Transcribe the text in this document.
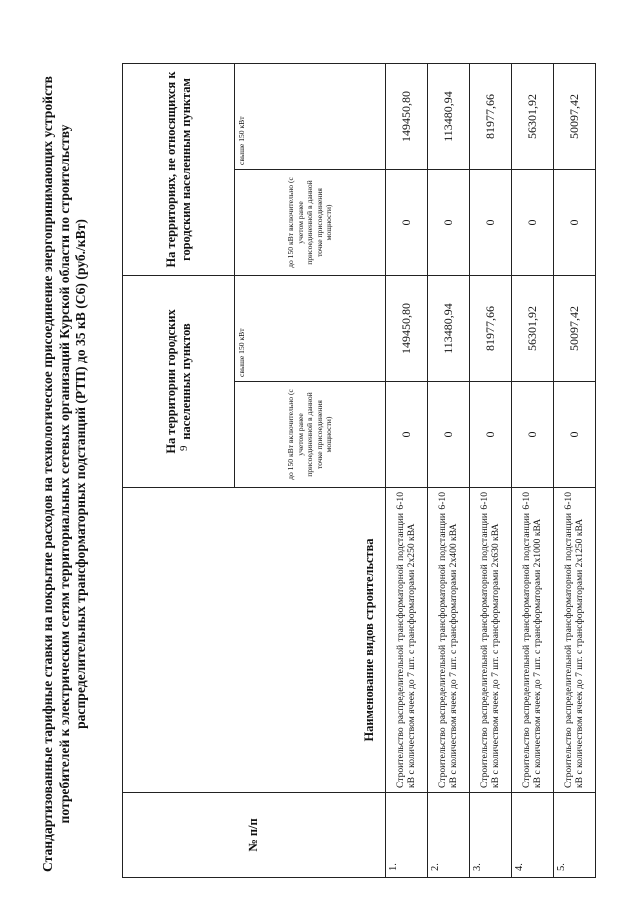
9
Стандартизованные тарифные ставки на покрытие расходов на технологическое присоединение энергопринимающих устройств потребителей к электрическим сетям территориальных сетевых организаций Курской области по строительству распределительных трансформаторных подстанций (РТП) до 35 кВ (С6) (руб./кВт)
№ п/п	Наименование видов строительства	На территории городских населенных пунктов		На территориях, не относящихся к городским населенным пунктам	
		до 150 кВт включительно (с учетом ранее присоединенной в данной точке присоединения мощности)	свыше 150 кВт	до 150 кВт включительно (с учетом ранее присоединенной в данной точке присоединения мощности)	свыше 150 кВт
1.	Строительство распределительной трансформаторной подстанции 6-10 кВ с количеством ячеек до 7 шт. с трансформаторами 2х250 кВА	0	149450,80	0	149450,80
2.	Строительство распределительной трансформаторной подстанции 6-10 кВ с количеством ячеек до 7 шт. с трансформаторами 2х400 кВА	0	113480,94	0	113480,94
3.	Строительство распределительной трансформаторной подстанции 6-10 кВ с количеством ячеек до 7 шт. с трансформаторами 2х630 кВА	0	81977,66	0	81977,66
4.	Строительство распределительной трансформаторной подстанции 6-10 кВ с количеством ячеек до 7 шт. с трансформаторами 2х1000 кВА	0	56301,92	0	56301,92
5.	Строительство распределительной трансформаторной подстанции 6-10 кВ с количеством ячеек до 7 шт. с трансформаторами 2х1250 кВА	0	50097,42	0	50097,42
